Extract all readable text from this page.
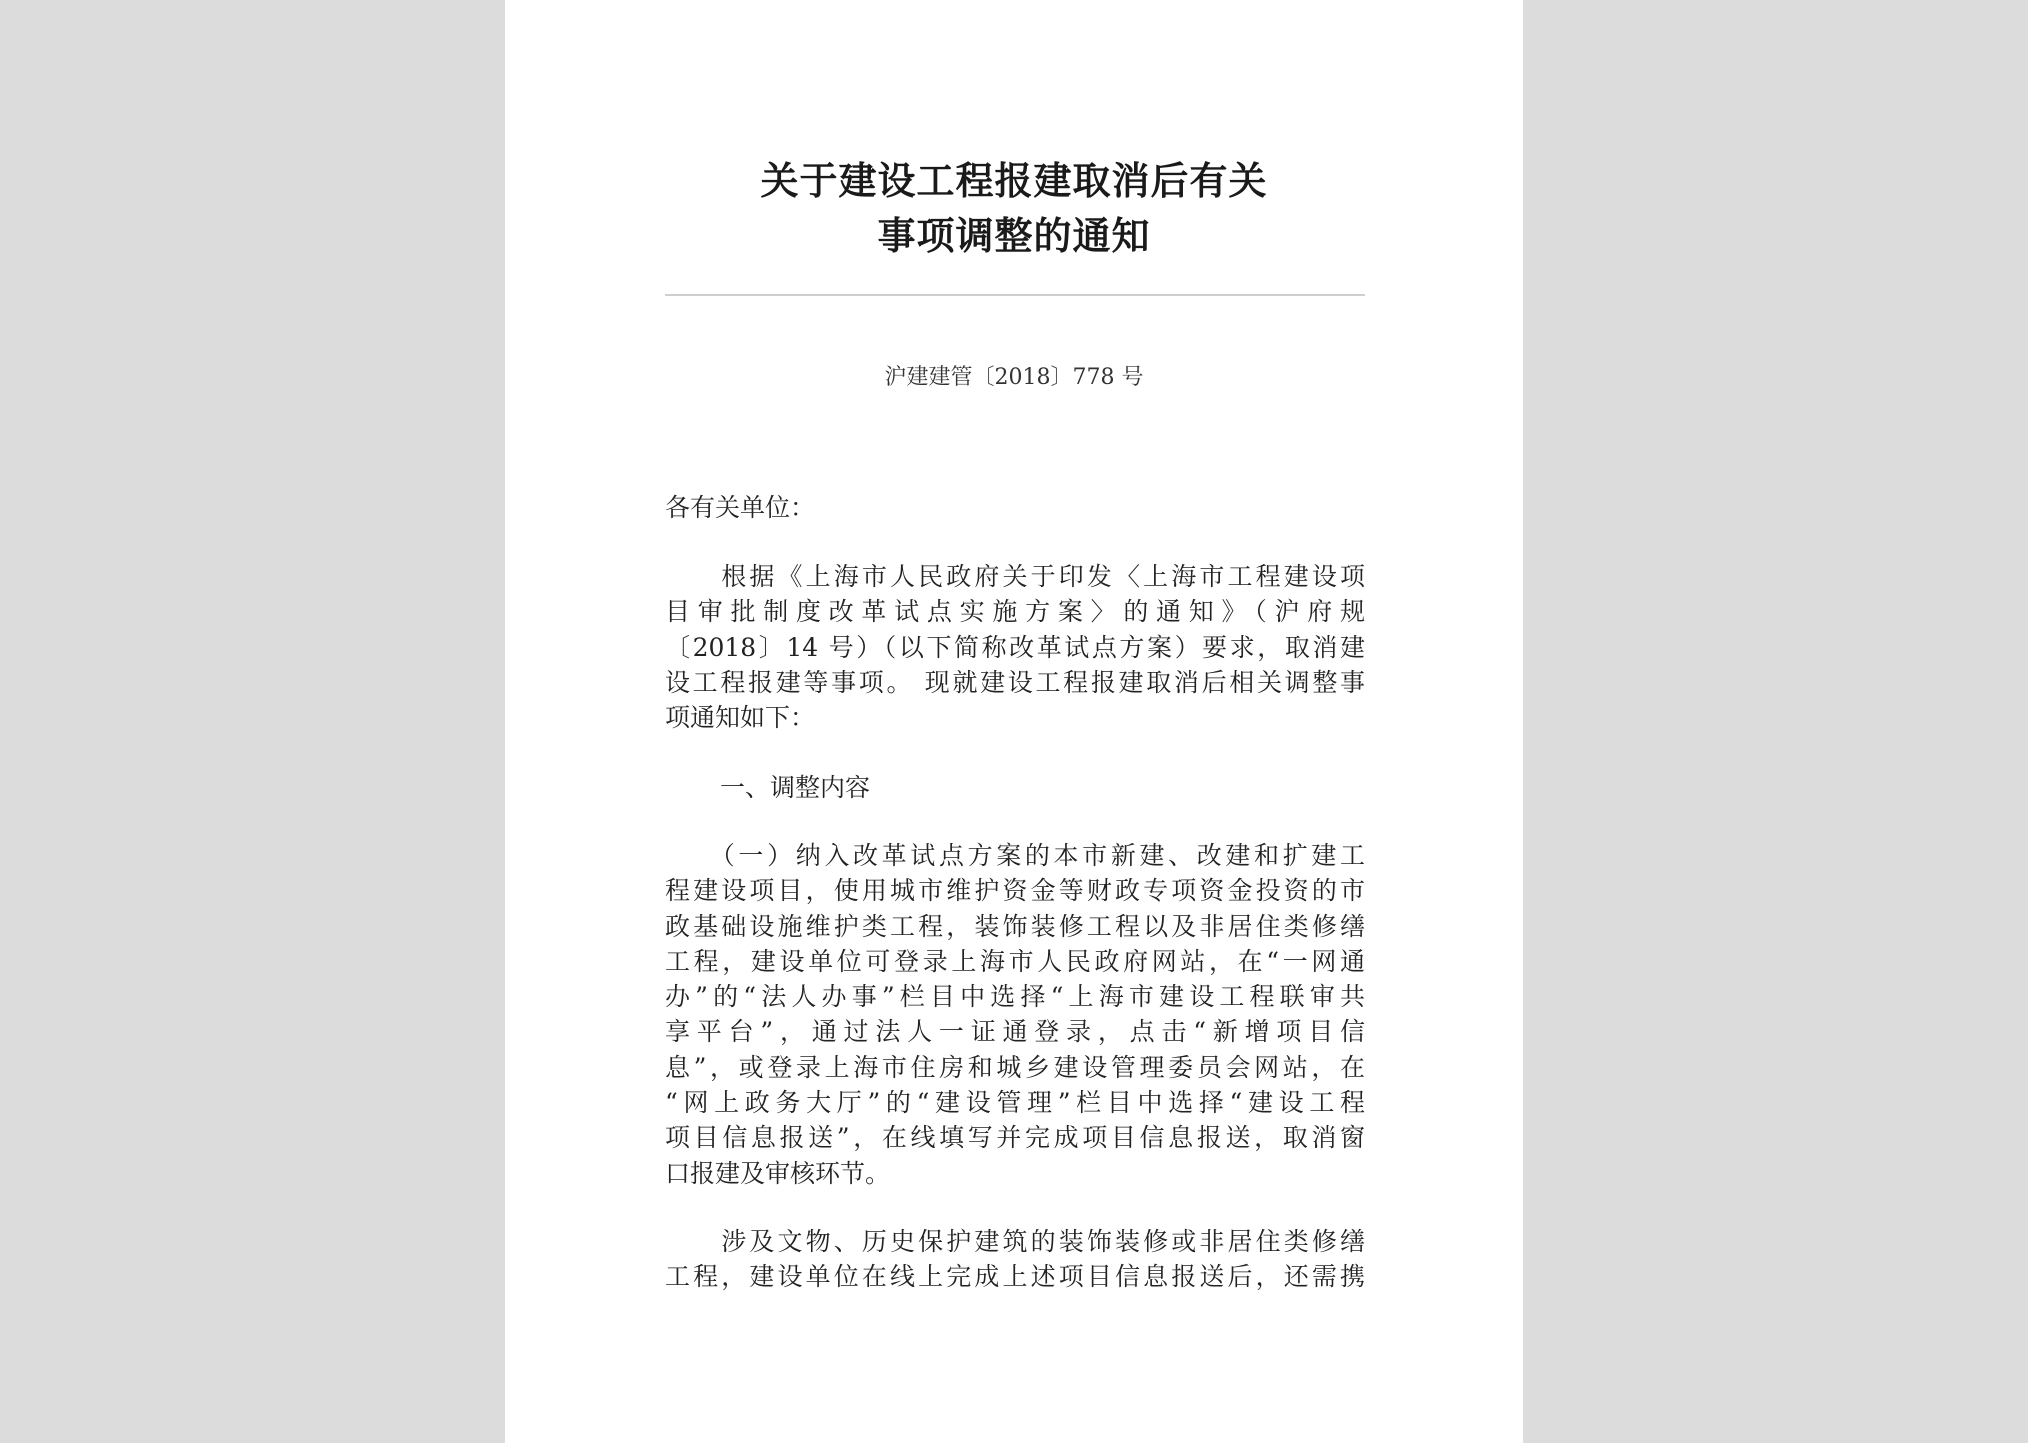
关于建设工程报建取消后有关
事项调整的通知
沪建建管〔2018〕778 号
各有关单位：
　　根据《上海市人民政府关于印发〈上海市工程建设项
目审批制度改革试点实施方案〉的通知》（沪府规
〔2018〕14 号）（以下简称改革试点方案）要求，取消建
设工程报建等事项。 现就建设工程报建取消后相关调整事
项通知如下：
一、调整内容
　　（一）纳入改革试点方案的本市新建、改建和扩建工
程建设项目，使用城市维护资金等财政专项资金投资的市
政基础设施维护类工程，装饰装修工程以及非居住类修缮
工程，建设单位可登录上海市人民政府网站，在“一网通
办”的“法人办事”栏目中选择“上海市建设工程联审共
享平台”，通过法人一证通登录，点击“新增项目信
息”，或登录上海市住房和城乡建设管理委员会网站，在
“网上政务大厅”的“建设管理”栏目中选择“建设工程
项目信息报送”，在线填写并完成项目信息报送，取消窗
口报建及审核环节。
　　涉及文物、历史保护建筑的装饰装修或非居住类修缮
工程，建设单位在线上完成上述项目信息报送后，还需携
